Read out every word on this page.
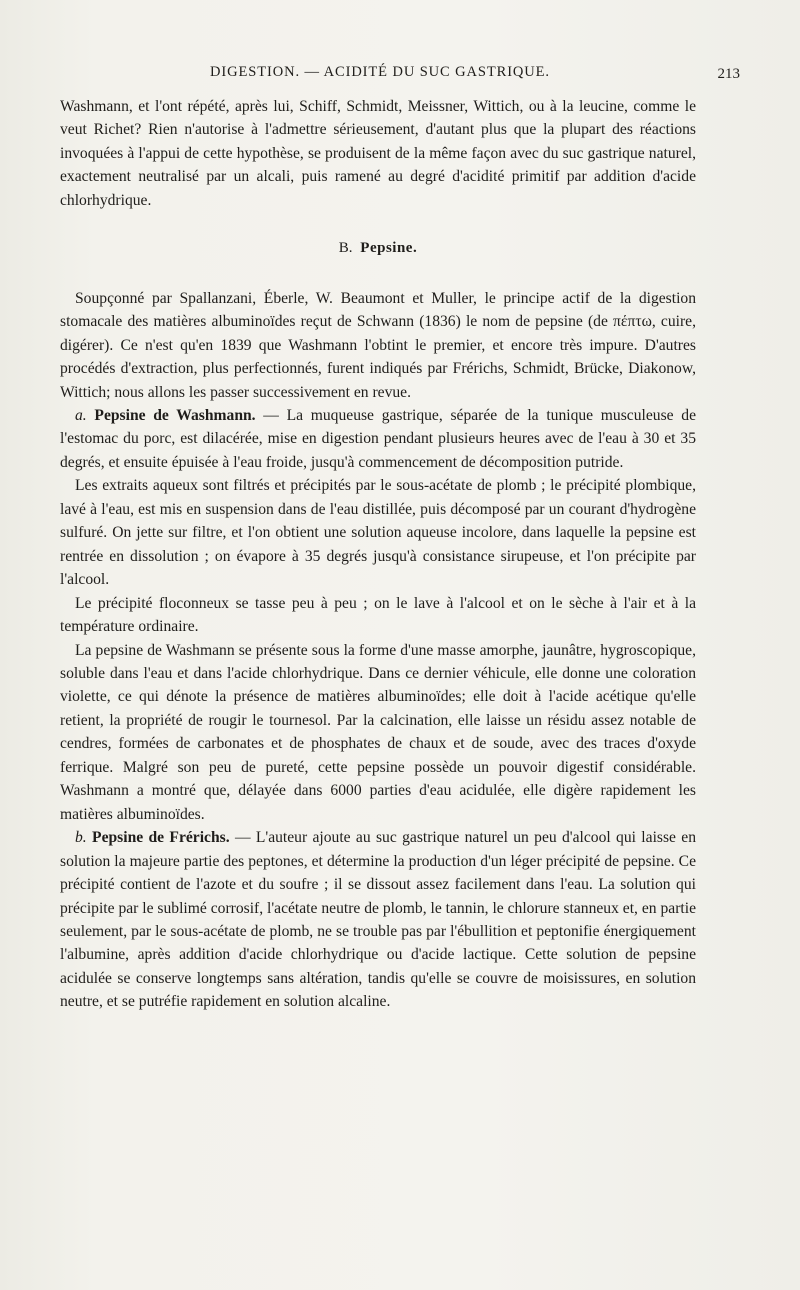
DIGESTION. — ACIDITÉ DU SUC GASTRIQUE.	213

Washmann, et l'ont répété, après lui, Schiff, Schmidt, Meissner, Wittich, ou à la leucine, comme le veut Richet? Rien n'autorise à l'admettre sérieusement, d'autant plus que la plupart des réactions invoquées à l'appui de cette hypothèse, se produisent de la même façon avec du suc gastrique naturel, exactement neutralisé par un alcali, puis ramené au degré d'acidité primitif par addition d'acide chlorhydrique.

B. Pepsine.

Soupçonné par Spallanzani, Éberle, W. Beaumont et Muller, le principe actif de la digestion stomacale des matières albuminoïdes reçut de Schwann (1836) le nom de pepsine (de πέπτω, cuire, digérer). Ce n'est qu'en 1839 que Washmann l'obtint le premier, et encore très impure. D'autres procédés d'extraction, plus perfectionnés, furent indiqués par Frérichs, Schmidt, Brücke, Diakonow, Wittich; nous allons les passer successivement en revue.

a. Pepsine de Washmann. — La muqueuse gastrique, séparée de la tunique musculeuse de l'estomac du porc, est dilacérée, mise en digestion pendant plusieurs heures avec de l'eau à 30 et 35 degrés, et ensuite épuisée à l'eau froide, jusqu'à commencement de décomposition putride.

Les extraits aqueux sont filtrés et précipités par le sous-acétate de plomb ; le précipité plombique, lavé à l'eau, est mis en suspension dans de l'eau distillée, puis décomposé par un courant d'hydrogène sulfuré. On jette sur filtre, et l'on obtient une solution aqueuse incolore, dans laquelle la pepsine est rentrée en dissolution ; on évapore à 35 degrés jusqu'à consistance sirupeuse, et l'on précipite par l'alcool.

Le précipité floconneux se tasse peu à peu ; on le lave à l'alcool et on le sèche à l'air et à la température ordinaire.

La pepsine de Washmann se présente sous la forme d'une masse amorphe, jaunâtre, hygroscopique, soluble dans l'eau et dans l'acide chlorhydrique. Dans ce dernier véhicule, elle donne une coloration violette, ce qui dénote la présence de matières albuminoïdes; elle doit à l'acide acétique qu'elle retient, la propriété de rougir le tournesol. Par la calcination, elle laisse un résidu assez notable de cendres, formées de carbonates et de phosphates de chaux et de soude, avec des traces d'oxyde ferrique. Malgré son peu de pureté, cette pepsine possède un pouvoir digestif considérable. Washmann a montré que, délayée dans 6000 parties d'eau acidulée, elle digère rapidement les matières albuminoïdes.

b. Pepsine de Frérichs. — L'auteur ajoute au suc gastrique naturel un peu d'alcool qui laisse en solution la majeure partie des peptones, et détermine la production d'un léger précipité de pepsine. Ce précipité contient de l'azote et du soufre ; il se dissout assez facilement dans l'eau. La solution qui précipite par le sublimé corrosif, l'acétate neutre de plomb, le tannin, le chlorure stanneux et, en partie seulement, par le sous-acétate de plomb, ne se trouble pas par l'ébullition et peptonifie énergiquement l'albumine, après addition d'acide chlorhydrique ou d'acide lactique. Cette solution de pepsine acidulée se conserve longtemps sans altération, tandis qu'elle se couvre de moisissures, en solution neutre, et se putréfie rapidement en solution alcaline.
